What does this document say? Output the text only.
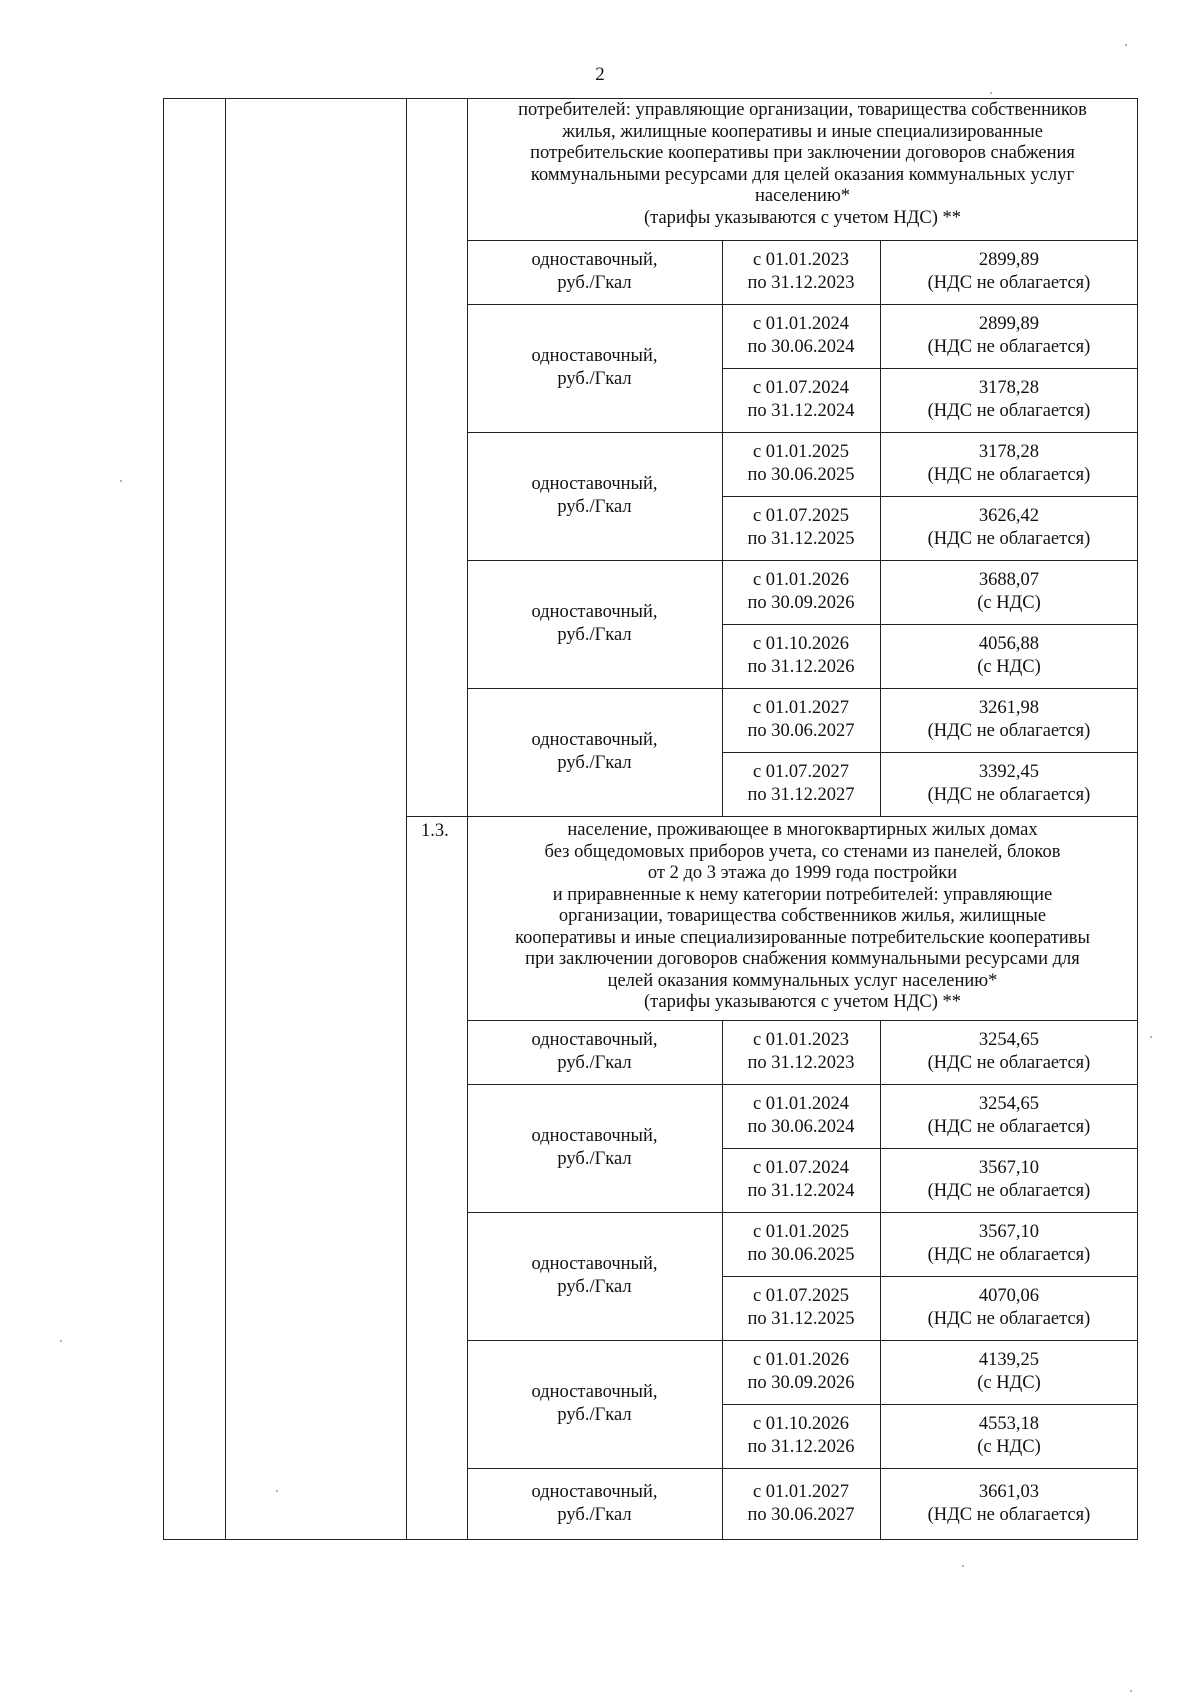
2
потребителей: управляющие организации, товарищества собственников
жилья, жилищные кооперативы и иные специализированные
потребительские кооперативы при заключении договоров снабжения
коммунальными ресурсами для целей оказания коммунальных услуг
населению*
(тарифы указываются с учетом НДС) **
одноставочный,
руб./Гкал
с 01.01.2023
по 31.12.2023
2899,89
(НДС не облагается)
одноставочный,
руб./Гкал
с 01.01.2024
по 30.06.2024
2899,89
(НДС не облагается)
с 01.07.2024
по 31.12.2024
3178,28
(НДС не облагается)
одноставочный,
руб./Гкал
с 01.01.2025
по 30.06.2025
3178,28
(НДС не облагается)
с 01.07.2025
по 31.12.2025
3626,42
(НДС не облагается)
одноставочный,
руб./Гкал
с 01.01.2026
по 30.09.2026
3688,07
(с НДС)
с 01.10.2026
по 31.12.2026
4056,88
(с НДС)
одноставочный,
руб./Гкал
с 01.01.2027
по 30.06.2027
3261,98
(НДС не облагается)
с 01.07.2027
по 31.12.2027
3392,45
(НДС не облагается)
1.3.	население, проживающее в многоквартирных жилых домах
без общедомовых приборов учета, со стенами из панелей, блоков
от 2 до 3 этажа до 1999 года постройки
и приравненные к нему категории потребителей: управляющие
организации, товарищества собственников жилья, жилищные
кооперативы и иные специализированные потребительские кооперативы
при заключении договоров снабжения коммунальными ресурсами для
целей оказания коммунальных услуг населению*
(тарифы указываются с учетом НДС) **
одноставочный,
руб./Гкал
с 01.01.2023
по 31.12.2023
3254,65
(НДС не облагается)
одноставочный,
руб./Гкал
с 01.01.2024
по 30.06.2024
3254,65
(НДС не облагается)
с 01.07.2024
по 31.12.2024
3567,10
(НДС не облагается)
одноставочный,
руб./Гкал
с 01.01.2025
по 30.06.2025
3567,10
(НДС не облагается)
с 01.07.2025
по 31.12.2025
4070,06
(НДС не облагается)
одноставочный,
руб./Гкал
с 01.01.2026
по 30.09.2026
4139,25
(с НДС)
с 01.10.2026
по 31.12.2026
4553,18
(с НДС)
одноставочный,
руб./Гкал
с 01.01.2027
по 30.06.2027
3661,03
(НДС не облагается)
